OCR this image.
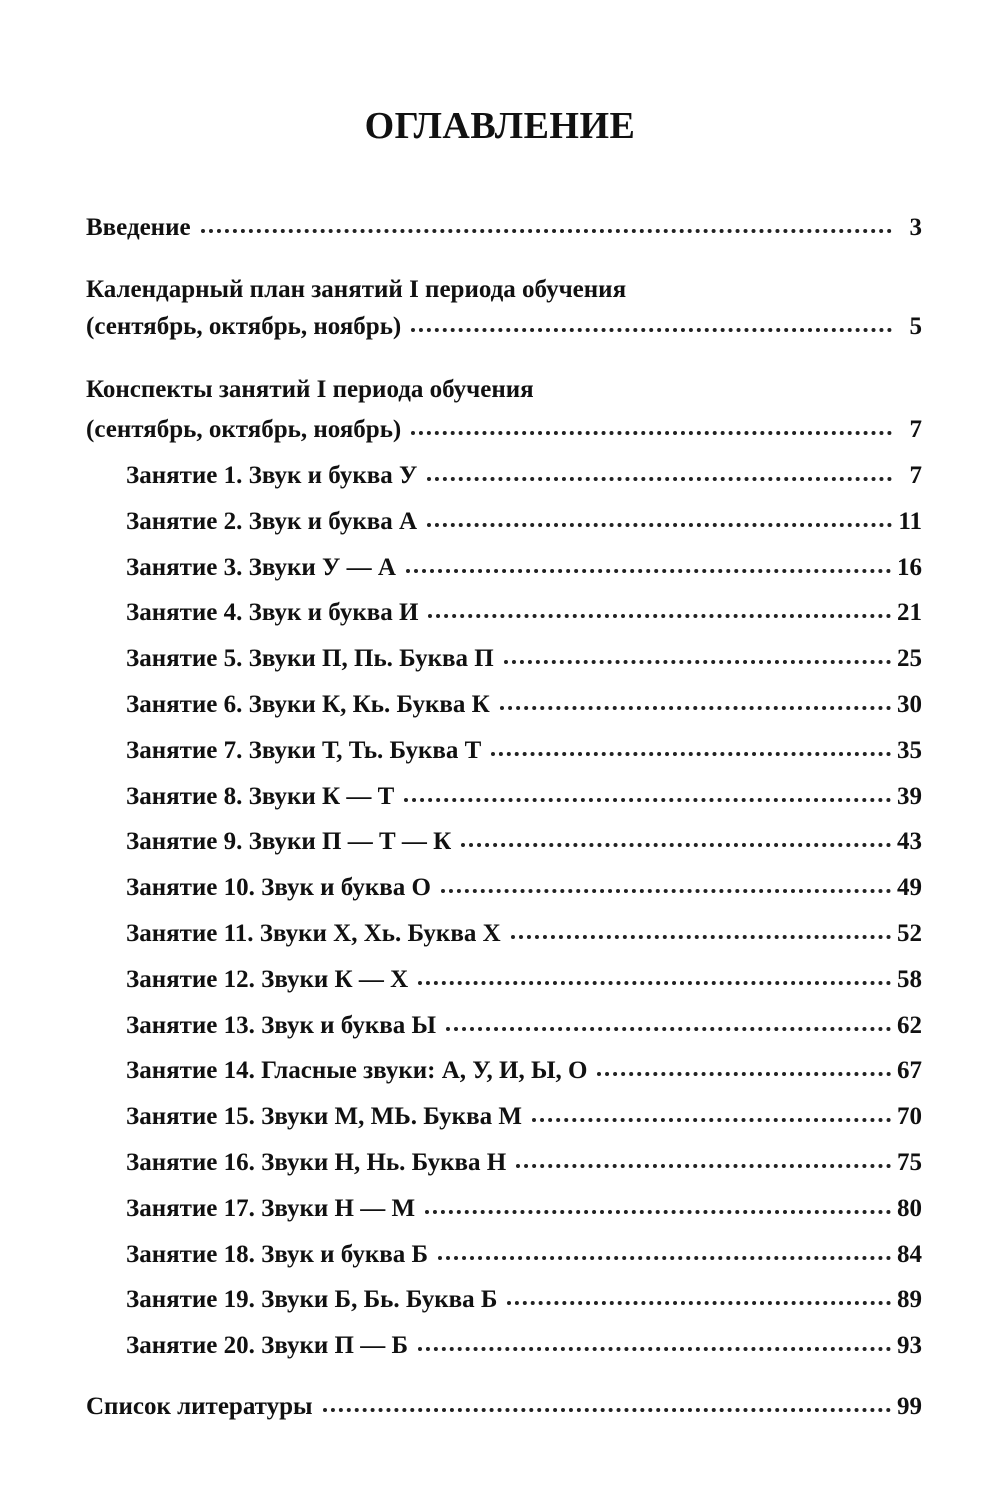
ОГЛАВЛЕНИЕ
Введение	3
Календарный план занятий I периода обучения
(сентябрь, октябрь, ноябрь)	5
Конспекты занятий I периода обучения
(сентябрь, октябрь, ноябрь)	7
Занятие 1. Звук и буква У	7
Занятие 2. Звук и буква А	11
Занятие 3. Звуки У — А	16
Занятие 4. Звук и буква И	21
Занятие 5. Звуки П, Пь. Буква П	25
Занятие 6. Звуки К, Кь. Буква К	30
Занятие 7. Звуки Т, Ть. Буква Т	35
Занятие 8. Звуки К — Т	39
Занятие 9. Звуки П — Т — К	43
Занятие 10. Звук и буква О	49
Занятие 11. Звуки Х, Хь. Буква Х	52
Занятие 12. Звуки К — Х	58
Занятие 13. Звук и буква Ы	62
Занятие 14. Гласные звуки: А, У, И, Ы, О	67
Занятие 15. Звуки М, МЬ. Буква М	70
Занятие 16. Звуки Н, Нь. Буква Н	75
Занятие 17. Звуки Н — М	80
Занятие 18. Звук и буква Б	84
Занятие 19. Звуки Б, Бь. Буква Б	89
Занятие 20. Звуки П — Б	93
Список литературы	99
